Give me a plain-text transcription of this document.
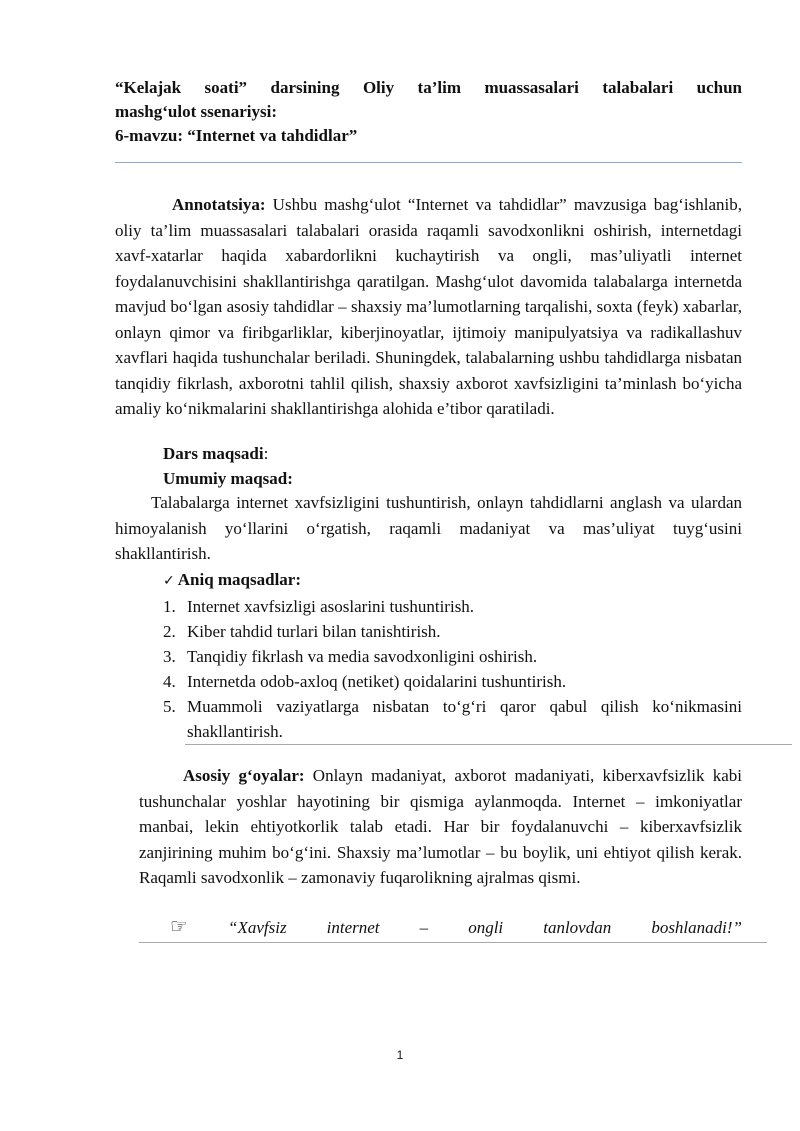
“Kelajak soati” darsining Oliy ta’lim muassasalari talabalari uchun
mashg‘ulot ssenariysi:
6-mavzu: “Internet va tahdidlar”
Annotatsiya: Ushbu mashg‘ulot “Internet va tahdidlar” mavzusiga bag‘ishlanib, oliy ta’lim muassasalari talabalari orasida raqamli savodxonlikni oshirish, internetdagi xavf-xatarlar haqida xabardorlikni kuchaytirish va ongli, mas’uliyatli internet foydalanuvchisini shakllantirishga qaratilgan. Mashg‘ulot davomida talabalarga internetda mavjud bo‘lgan asosiy tahdidlar – shaxsiy ma’lumotlarning tarqalishi, soxta (feyk) xabarlar, onlayn qimor va firibgarliklar, kiberjinoyatlar, ijtimoiy manipulyatsiya va radikallashuv xavflari haqida tushunchalar beriladi. Shuningdek, talabalarning ushbu tahdidlarga nisbatan tanqidiy fikrlash, axborotni tahlil qilish, shaxsiy axborot xavfsizligini ta’minlash bo‘yicha amaliy ko‘nikmalarini shakllantirishga alohida e’tibor qaratiladi.
Dars maqsadi:
Umumiy maqsad:
Talabalarga internet xavfsizligini tushuntirish, onlayn tahdidlarni anglash va ulardan himoyalanish yo‘llarini o‘rgatish, raqamli madaniyat va mas’uliyat tuyg‘usini shakllantirish.
✓ Aniq maqsadlar:
1. Internet xavfsizligi asoslarini tushuntirish.
2. Kiber tahdid turlari bilan tanishtirish.
3. Tanqidiy fikrlash va media savodxonligini oshirish.
4. Internetda odob-axloq (netiket) qoidalarini tushuntirish.
5. Muammoli vaziyatlarga nisbatan to‘g‘ri qaror qabul qilish ko‘nikmasini shakllantirish.
Asosiy g‘oyalar: Onlayn madaniyat, axborot madaniyati, kiberxavfsizlik kabi tushunchalar yoshlar hayotining bir qismiga aylanmoqda. Internet – imkoniyatlar manbai, lekin ehtiyotkorlik talab etadi. Har bir foydalanuvchi – kiberxavfsizlik zanjirining muhim bo‘g‘ini. Shaxsiy ma’lumotlar – bu boylik, uni ehtiyot qilish kerak. Raqamli savodxonlik – zamonaviy fuqarolikning ajralmas qismi.
☞ “Xavfsiz internet – ongli tanlovdan boshlanadi!”
1
